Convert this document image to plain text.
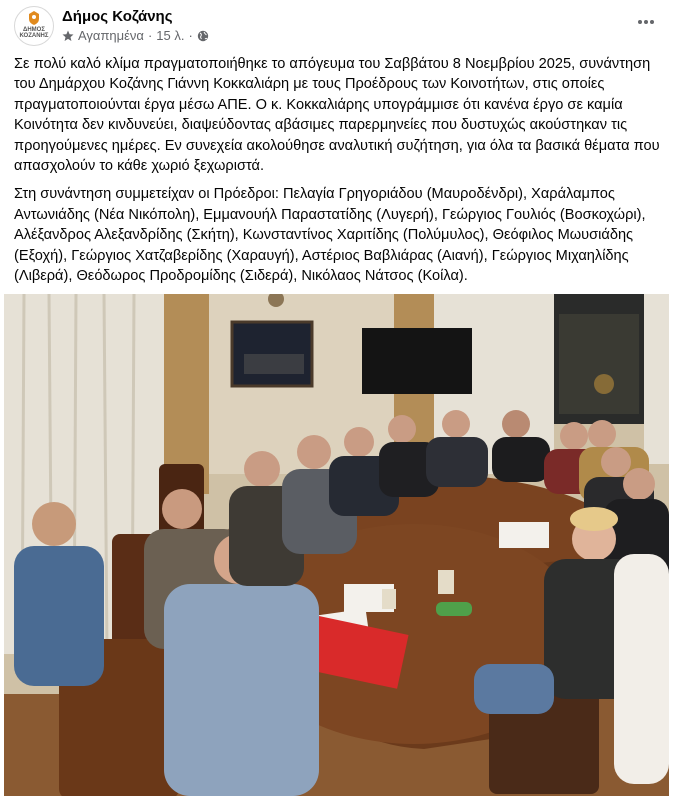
ΔΗΜΟΣ
ΚΟΖΑΝΗΣ
Δήμος Κοζάνης
Αγαπημένα · 15 λ. ·

Σε πολύ καλό κλίμα πραγματοποιήθηκε το απόγευμα του Σαββάτου 8 Νοεμβρίου 2025, συνάντηση του Δημάρχου Κοζάνης Γιάννη Κοκκαλιάρη με τους Προέδρους των Κοινοτήτων, στις οποίες πραγματοποιούνται έργα μέσω ΑΠΕ. Ο κ. Κοκκαλιάρης υπογράμμισε ότι κανένα έργο σε καμία Κοινότητα δεν κινδυνεύει, διαψεύδοντας αβάσιμες παρερμηνείες που δυστυχώς ακούστηκαν τις προηγούμενες ημέρες. Εν συνεχεία ακολούθησε αναλυτική συζήτηση, για όλα τα βασικά θέματα που απασχολούν το κάθε χωριό ξεχωριστά.

Στη συνάντηση συμμετείχαν οι Πρόεδροι: Πελαγία Γρηγοριάδου (Μαυροδένδρι), Χαράλαμπος Αντωνιάδης (Νέα Νικόπολη), Εμμανουήλ Παραστατίδης (Λυγερή), Γεώργιος Γουλιός (Βοσκοχώρι), Αλέξανδρος Αλεξανδρίδης (Σκήτη), Κωνσταντίνος Χαριτίδης (Πολύμυλος), Θεόφιλος Μωυσιάδης (Εξοχή), Γεώργιος Χατζαβερίδης (Χαραυγή), Αστέριος Βαβλιάρας (Αιανή), Γεώργιος Μιχαηλίδης (Λιβερά), Θεόδωρος Προδρομίδης (Σιδερά), Νικόλαος Νάτσος (Κοίλα).
